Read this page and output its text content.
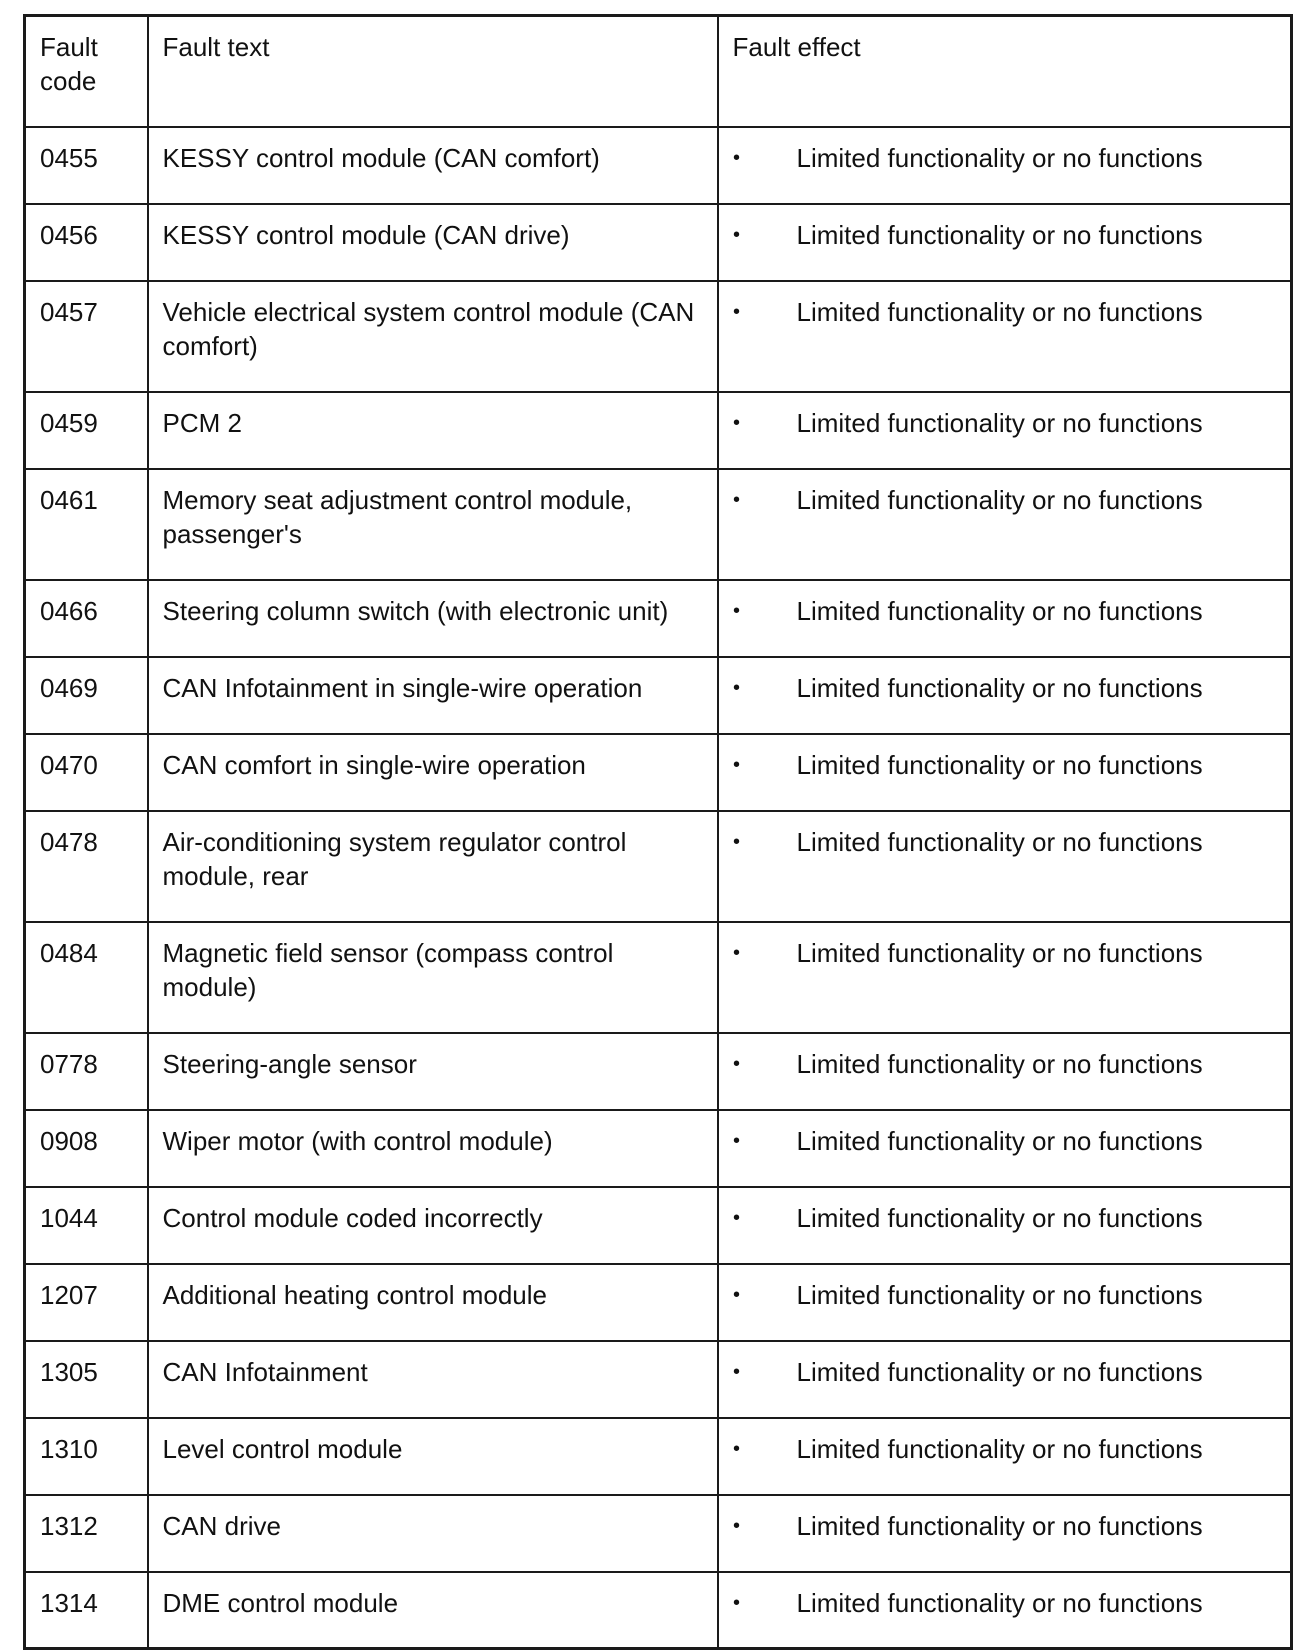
Fault
code	Fault text	Fault effect
0455	KESSY control module (CAN comfort)	• Limited functionality or no functions

0456	KESSY control module (CAN drive)	• Limited functionality or no functions

0457	Vehicle electrical system control module (CAN comfort)	• Limited functionality or no functions

0459	PCM 2	• Limited functionality or no functions

0461	Memory seat adjustment control module, passenger's	• Limited functionality or no functions

0466	Steering column switch (with electronic unit)	• Limited functionality or no functions

0469	CAN Infotainment in single-wire operation	• Limited functionality or no functions

0470	CAN comfort in single-wire operation	• Limited functionality or no functions

0478	Air-conditioning system regulator control module, rear	• Limited functionality or no functions

0484	Magnetic field sensor (compass control module)	• Limited functionality or no functions

0778	Steering-angle sensor	• Limited functionality or no functions

0908	Wiper motor (with control module)	• Limited functionality or no functions

1044	Control module coded incorrectly	• Limited functionality or no functions

1207	Additional heating control module	• Limited functionality or no functions

1305	CAN Infotainment	• Limited functionality or no functions

1310	Level control module	• Limited functionality or no functions

1312	CAN drive	• Limited functionality or no functions

1314	DME control module	• Limited functionality or no functions
